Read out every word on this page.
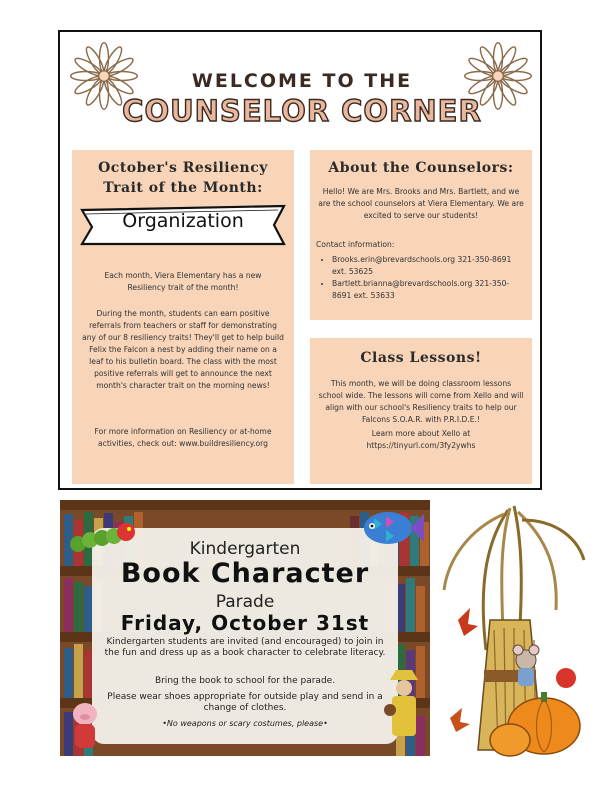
WELCOME TO THE
COUNSELOR CORNER
October's Resiliency
Trait of the Month:
Organization
Each month, Viera Elementary has a new Resiliency trait of the month!
During the month, students can earn positive referrals from teachers or staff for demonstrating any of our 8 resiliency traits! They'll get to help build Felix the Falcon a nest by adding their name on a leaf to his bulletin board. The class with the most positive referrals will get to announce the next month's character trait on the morning news!
For more information on Resiliency or at-home activities, check out: www.buildresiliency.org
About the Counselors:
Hello! We are Mrs. Brooks and Mrs. Bartlett, and we are the school counselors at Viera Elementary. We are excited to serve our students!
Contact information:
• Brooks.erin@brevardschools.org 321-350-8691 ext. 53625
• Bartlett.brianna@brevardschools.org 321-350-8691 ext. 53633
Class Lessons!
This month, we will be doing classroom lessons school wide. The lessons will come from Xello and will align with our school's Resiliency traits to help our Falcons S.O.A.R. with P.R.I.D.E.!
Learn more about Xello at https://tinyurl.com/3fy2ywhs
Kindergarten
Book Character
Parade
Friday, October 31st
Kindergarten students are invited (and encouraged) to join in the fun and dress up as a book character to celebrate literacy.
Bring the book to school for the parade.
Please wear shoes appropriate for outside play and send in a change of clothes.
•No weapons or scary costumes, please•
